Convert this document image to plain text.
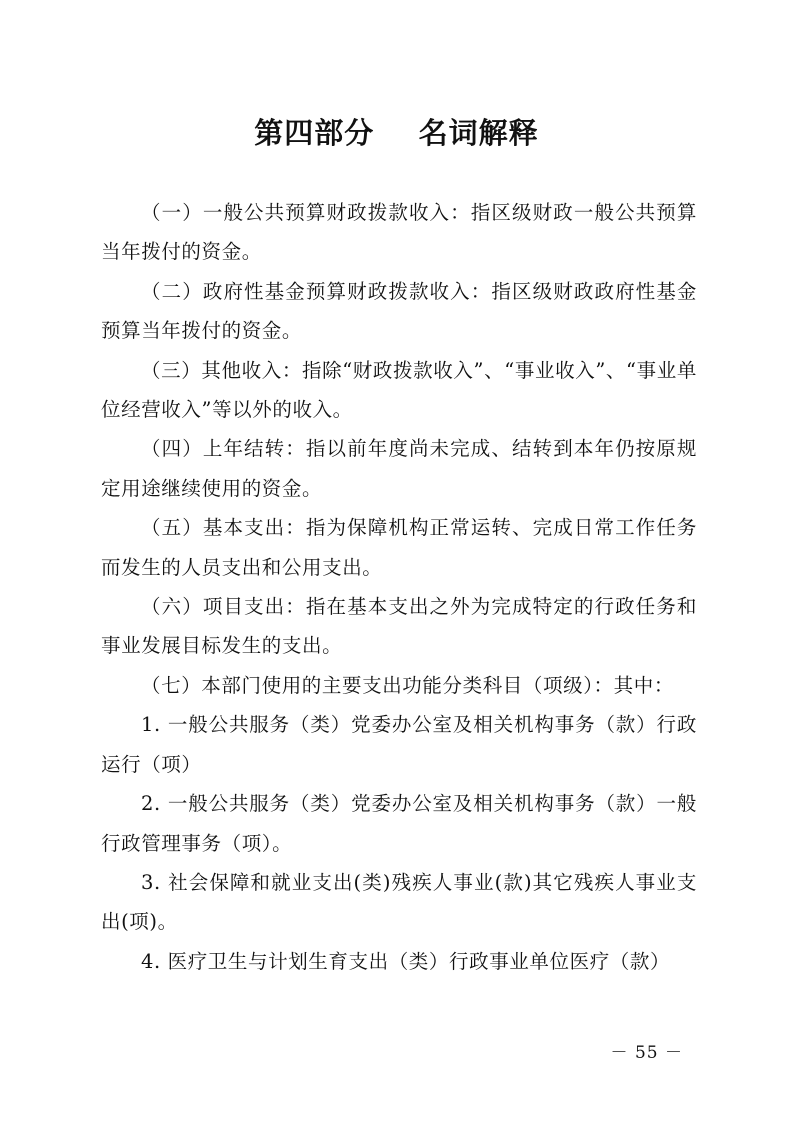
第四部分    名词解释

（一）一般公共预算财政拨款收入：指区级财政一般公共预算当年拨付的资金。

（二）政府性基金预算财政拨款收入：指区级财政政府性基金预算当年拨付的资金。

（三）其他收入：指除“财政拨款收入”、“事业收入”、“事业单位经营收入”等以外的收入。

（四）上年结转：指以前年度尚未完成、结转到本年仍按原规定用途继续使用的资金。

（五）基本支出：指为保障机构正常运转、完成日常工作任务而发生的人员支出和公用支出。

（六）项目支出：指在基本支出之外为完成特定的行政任务和事业发展目标发生的支出。

（七）本部门使用的主要支出功能分类科目（项级）：其中：

1. 一般公共服务（类）党委办公室及相关机构事务（款）行政运行（项）

2. 一般公共服务（类）党委办公室及相关机构事务（款）一般行政管理事务（项）。

3. 社会保障和就业支出(类)残疾人事业(款)其它残疾人事业支出(项)。

4. 医疗卫生与计划生育支出（类）行政事业单位医疗（款）

－ 55 －
